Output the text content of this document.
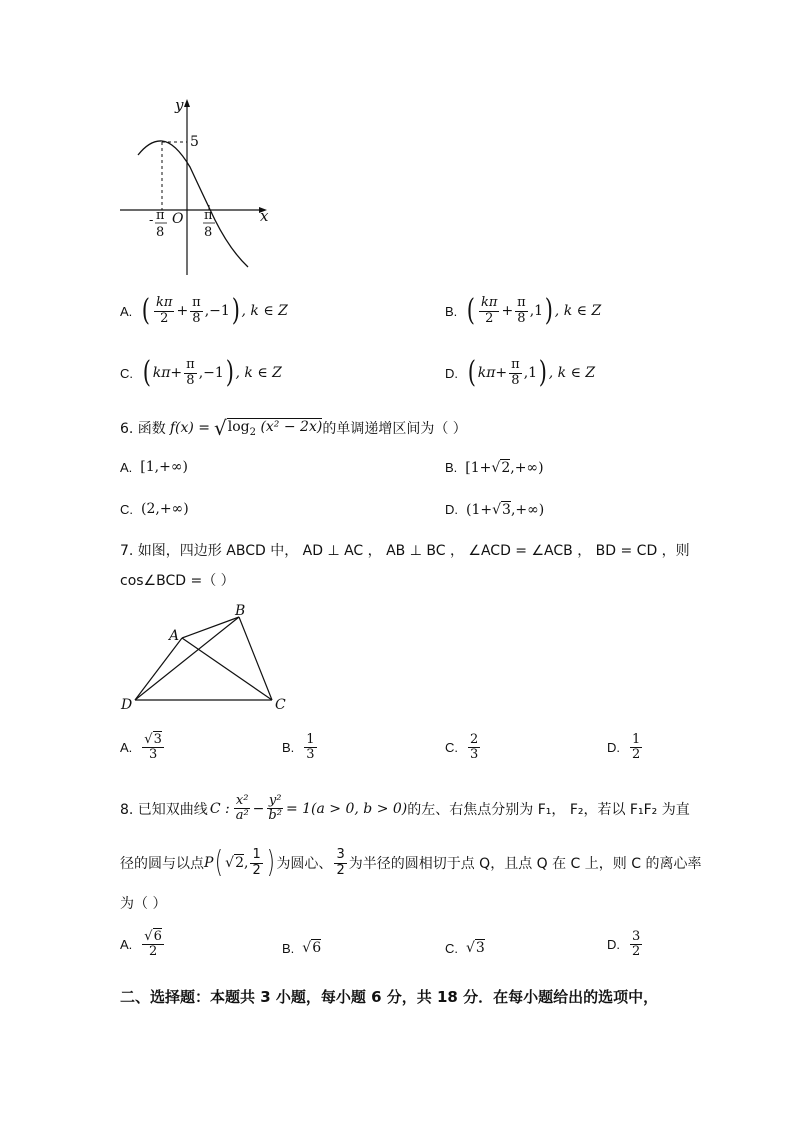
y
x
O
5
- π
8
π
8
A. ( $\frac{k\pi}{2} + \frac{\pi}{8} ,-1$ ) , k ∈ Z	B. ( $\frac{k\pi}{2} + \frac{\pi}{8} ,1$ ) , k ∈ Z
C. ( $k\pi+ \frac{\pi}{8} ,-1$ ) , k ∈ Z	D. ( $k\pi+ \frac{\pi}{8} ,1$ ) , k ∈ Z
6. 函数 f(x) = √ $\log_2 (x^2 - 2x)$ 的单调递增区间为（ ）
A. [1,+∞)	B. [1+ √ 2 ,+∞)
C. (2,+∞)	D. (1+ √ 3 ,+∞)
7. 如图，四边形 ABCD 中， AD ⊥ AC ， AB ⊥ BC ， ∠ACD = ∠ACB ， BD = CD ，则
cos∠BCD =（ ）
A
B
C
D
A. $\frac{√3}{3}$	B. $\frac{1}{3}$	C. $\frac{2}{3}$	D. $\frac{1}{2}$
8. 已知双曲线 C : $\frac{\text{x²}}{\text{a²}} - \frac{\text{y²}}{\text{b²}} = 1(a > 0$, b > 0) 的左、右焦点分别为 F₁， F₂，若以 F₁F₂ 为直
径的圆与以点 P ( √2, $\frac{1}{2}$ ) 为圆心、 $\frac{3}{2}$ 为半径的圆相切于点 Q，且点 Q 在 C 上，则 C 的离心率
为（ ）
A. $\frac{√6}{2}$	B. √6	C. √3	D. $\frac{3}{2}$
二、选择题：本题共 3 小题，每小题 6 分，共 18 分．在每小题给出的选项中，
